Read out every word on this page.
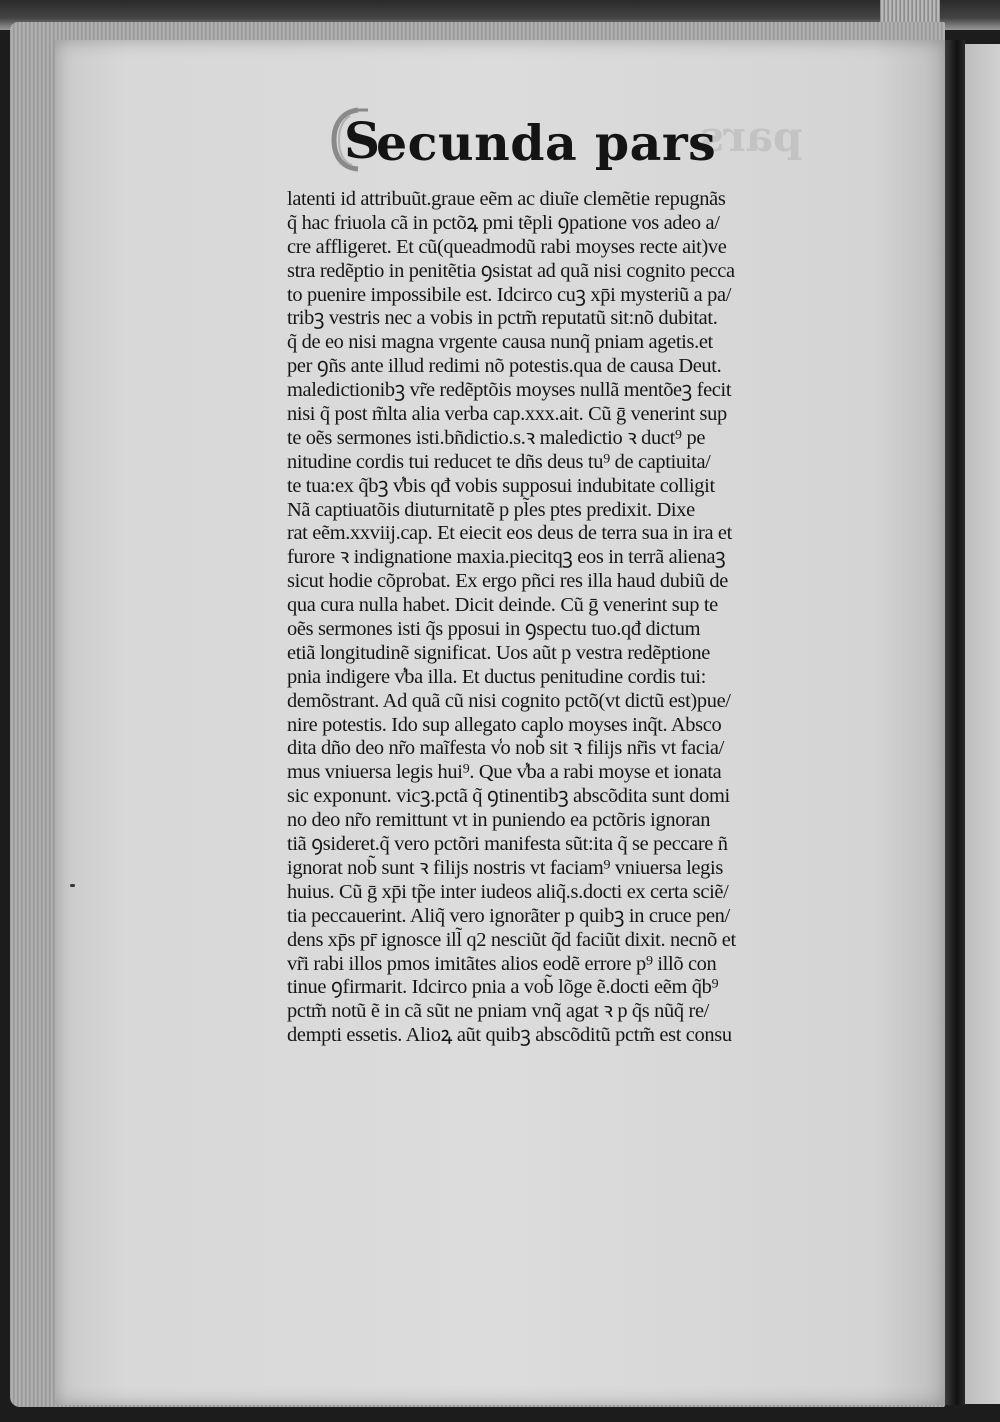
pars
S
ecunda pars
latenti id attribuũt.graue eẽm ac diuĩe clemẽtie repugnãs
q̃ hac friuola cã in pctõꝝ pmi tẽpli ꝯpatione vos adeo a/
cre affligeret. Et cũ(queadmodũ rabi moyses recte ait)ve
stra redẽptio in penitẽtia ꝯsistat ad quã nisi cognito pecca
to puenire impossibile est. Idcirco cuꝫ xp̄i mysteriũ a pa/
tribꝫ vestris nec a vobis in pctm̃ reputatũ sit:nõ dubitat.
q̃ de eo nisi magna vrgente causa nunq̃ pniam agetis.et
per ꝯñs ante illud redimi nõ potestis.qua de causa Deut.
maledictionibꝫ vr̃e redẽptõis moyses nullã mentõeꝫ fecit
nisi q̃ post m̃lta alia verba cap.xxx.ait. Cũ ḡ venerint sup
te oẽs sermones isti.bñdictio.s.ꝛ maledictio ꝛ duct⁹ pe
nitudine cordis tui reducet te dñs deus tu⁹ de captiuita/
te tua:ex q̃bꝫ v̾bis qđ vobis supposui indubitate colligit
Nã captiuatõis diuturnitatẽ p pl̃es ptes predixit. Dixe
rat eẽm.xxviij.cap. Et eiecit eos deus de terra sua in ira et
furore ꝛ indignatione maxia.piecitqꝫ eos in terrã alienaꝫ
sicut hodie cõprobat. Ex ergo pñci res illa haud dubiũ de
qua cura nulla habet. Dicit deinde. Cũ ḡ venerint sup te
oẽs sermones isti q̃s pposui in ꝯspectu tuo.qđ dictum
etiã longitudinẽ significat. Uos aũt p vestra redẽptione
pnia indigere v̾ba illa. Et ductus penitudine cordis tui:
demõstrant. Ad quã cũ nisi cognito pctõ(vt dictũ est)pue/
nire potestis. Ido sup allegato caplo moyses inq̃t. Absco
dita dño deo nr̃o maĩfesta v̾o nob̃ sit ꝛ filijs nr̃is vt facia/
mus vniuersa legis hui⁹. Que v̾ba a rabi moyse et ionata
sic exponunt. vicꝫ.pctã q̃ ꝯtinentibꝫ abscõdita sunt domi
no deo nr̃o remittunt vt in puniendo ea pctõris ignoran
tiã ꝯsideret.q̃ vero pctõri manifesta sũt:ita q̃ se peccare ñ
ignorat nob̃ sunt ꝛ filijs nostris vt faciam⁹ vniuersa legis
huius. Cũ ḡ xp̄i tp̃e inter iudeos aliq̃.s.docti ex certa sciẽ/
tia peccauerint. Aliq̃ vero ignorãter p quibꝫ in cruce pen/
dens xp̄s pr̄ ignosce ill̃ q2 nesciũt q̃d faciũt dixit. necnõ et
vr̃i rabi illos pmos imitãtes alios eodẽ errore p⁹ illõ con
tinue ꝯfirmarit. Idcirco pnia a vob̃ lõge ẽ.docti eẽm q̃b⁹
pctm̃ notũ ẽ in cã sũt ne pniam vnq̃ agat ꝛ p q̃s nũq̃ re/
dempti essetis. Alioꝝ aũt quibꝫ abscõditũ pctm̃ est consu
